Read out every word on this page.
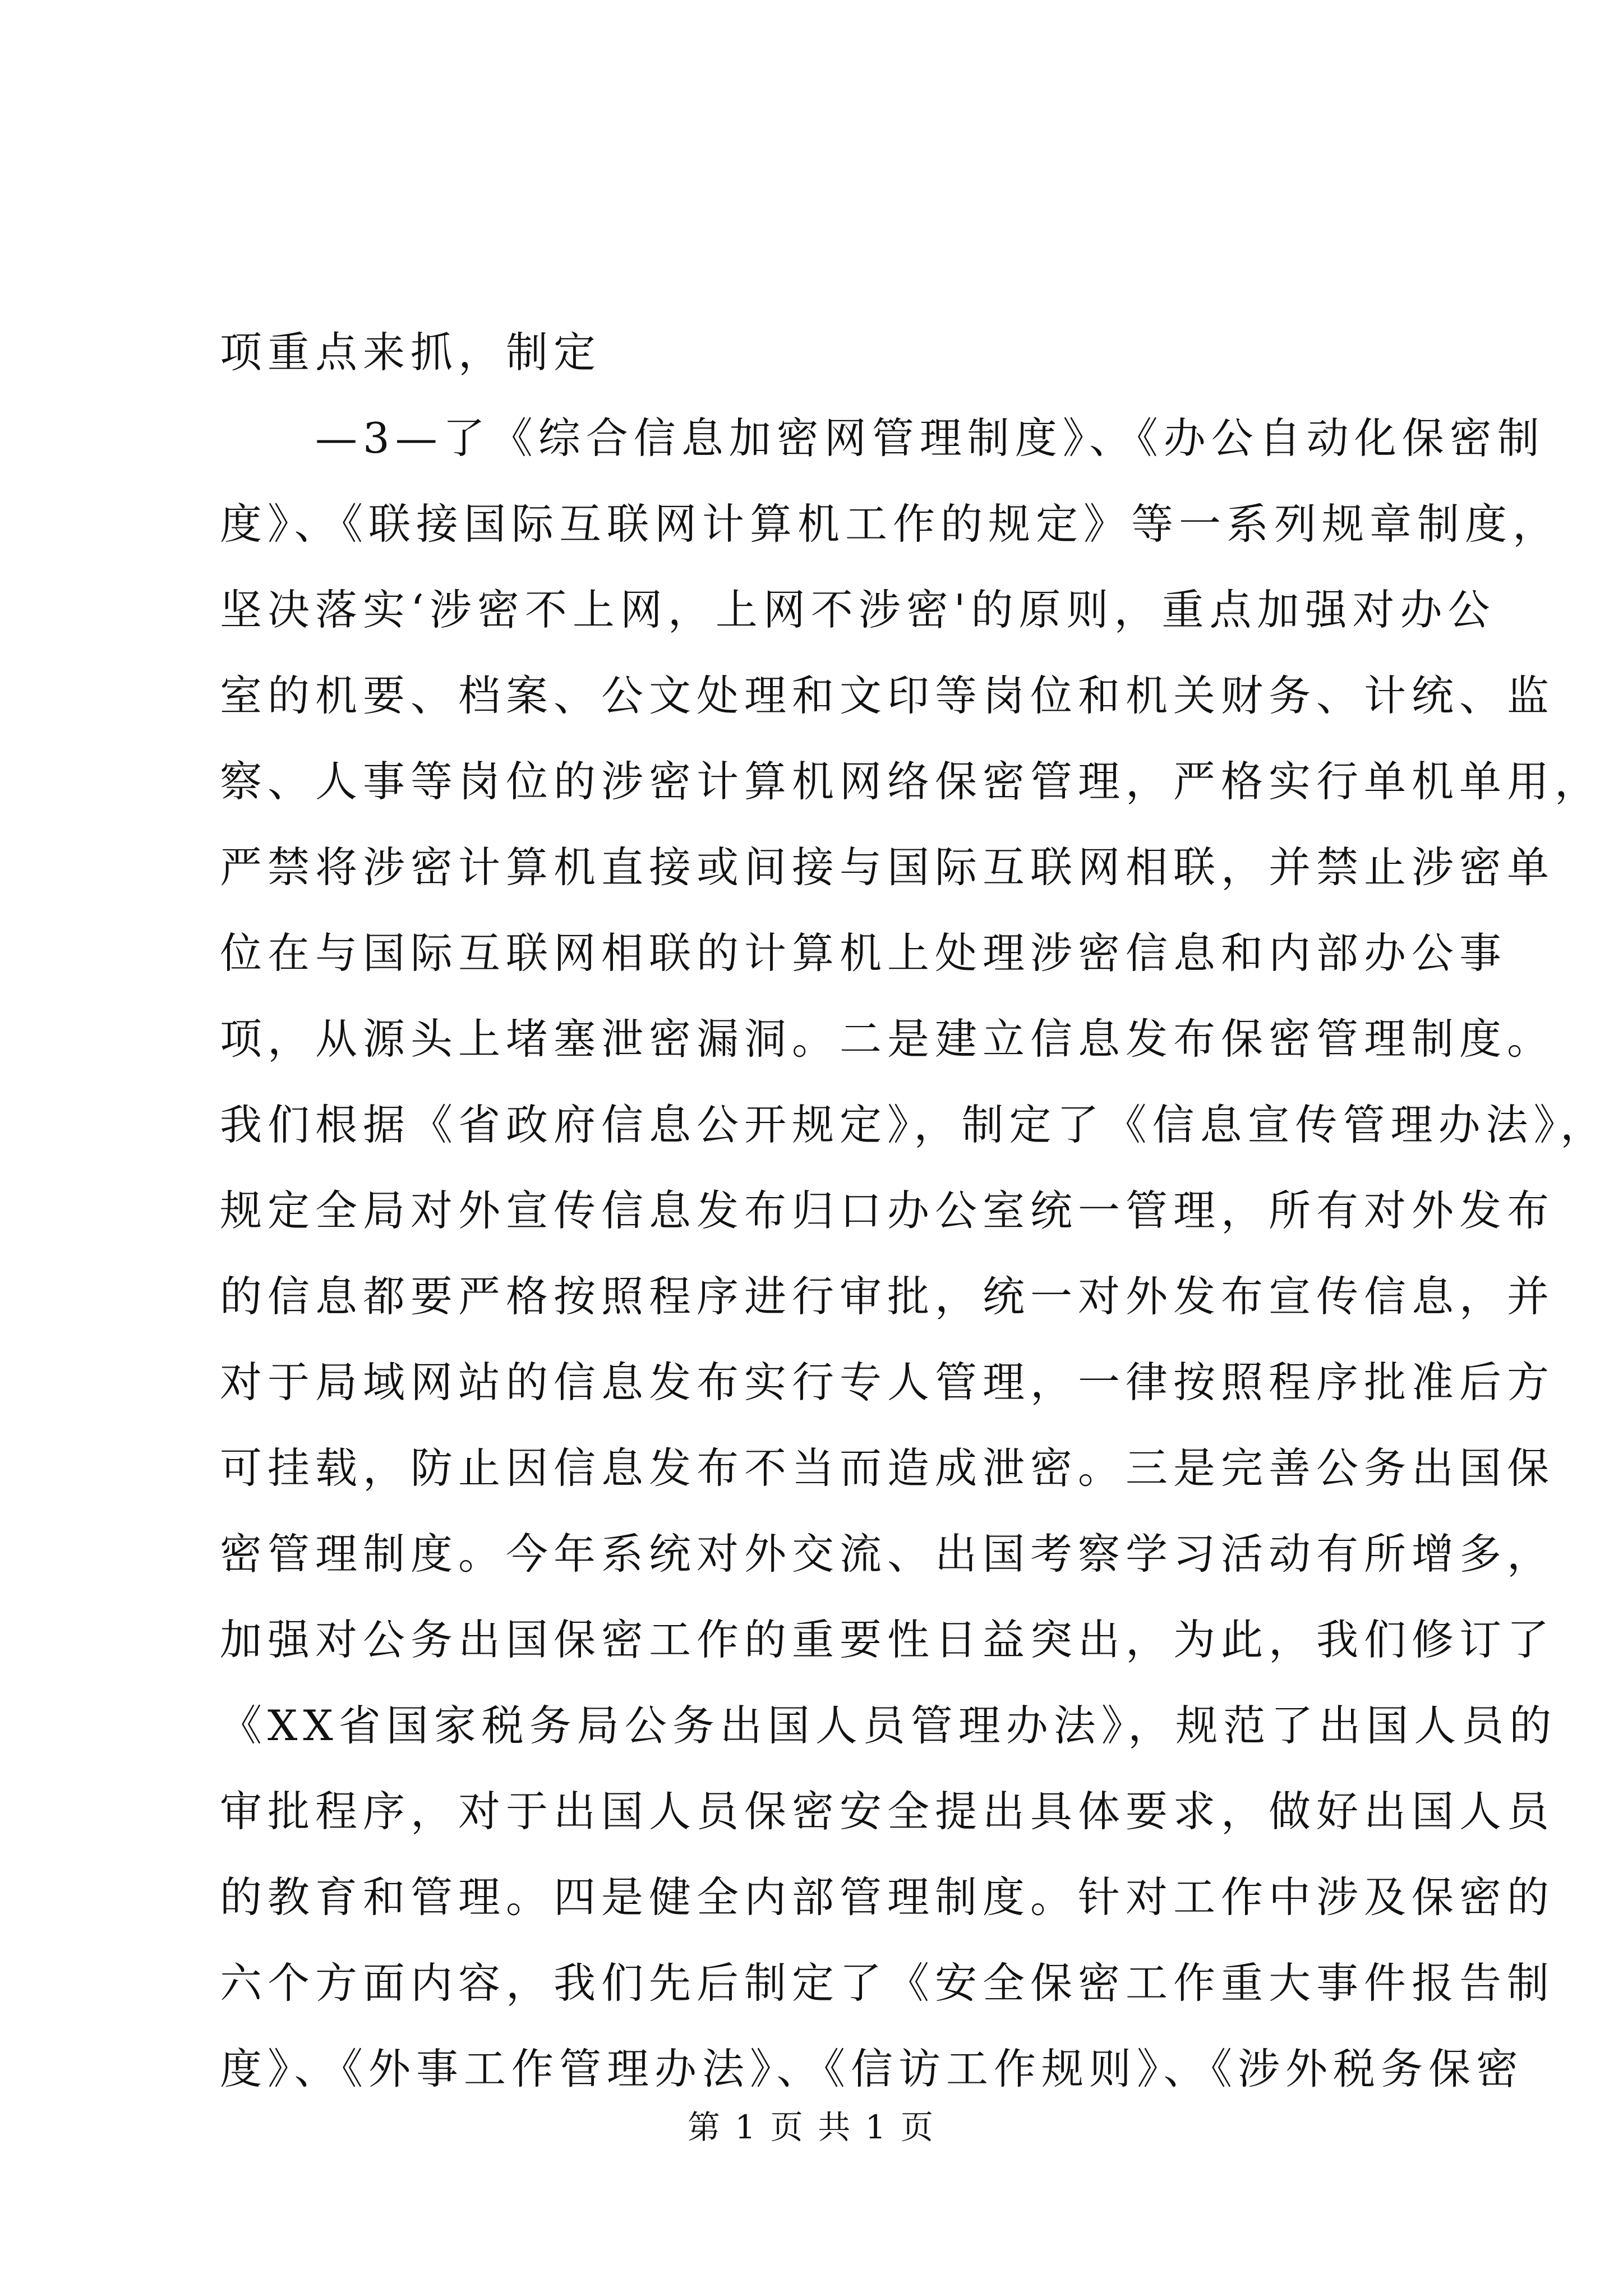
项重点来抓，制定
　　—3—了《综合信息加密网管理制度》、《办公自动化保密制
度》、《联接国际互联网计算机工作的规定》等一系列规章制度，
坚决落实‘涉密不上网，上网不涉密'的原则，重点加强对办公
室的机要、档案、公文处理和文印等岗位和机关财务、计统、监
察、人事等岗位的涉密计算机网络保密管理，严格实行单机单用，
严禁将涉密计算机直接或间接与国际互联网相联，并禁止涉密单
位在与国际互联网相联的计算机上处理涉密信息和内部办公事
项，从源头上堵塞泄密漏洞。二是建立信息发布保密管理制度。
我们根据《省政府信息公开规定》，制定了《信息宣传管理办法》，
规定全局对外宣传信息发布归口办公室统一管理，所有对外发布
的信息都要严格按照程序进行审批，统一对外发布宣传信息，并
对于局域网站的信息发布实行专人管理，一律按照程序批准后方
可挂载，防止因信息发布不当而造成泄密。三是完善公务出国保
密管理制度。今年系统对外交流、出国考察学习活动有所增多，
加强对公务出国保密工作的重要性日益突出，为此，我们修订了
《XX省国家税务局公务出国人员管理办法》，规范了出国人员的
审批程序，对于出国人员保密安全提出具体要求，做好出国人员
的教育和管理。四是健全内部管理制度。针对工作中涉及保密的
六个方面内容，我们先后制定了《安全保密工作重大事件报告制
度》、《外事工作管理办法》、《信访工作规则》、《涉外税务保密
第 1 页 共 1 页
